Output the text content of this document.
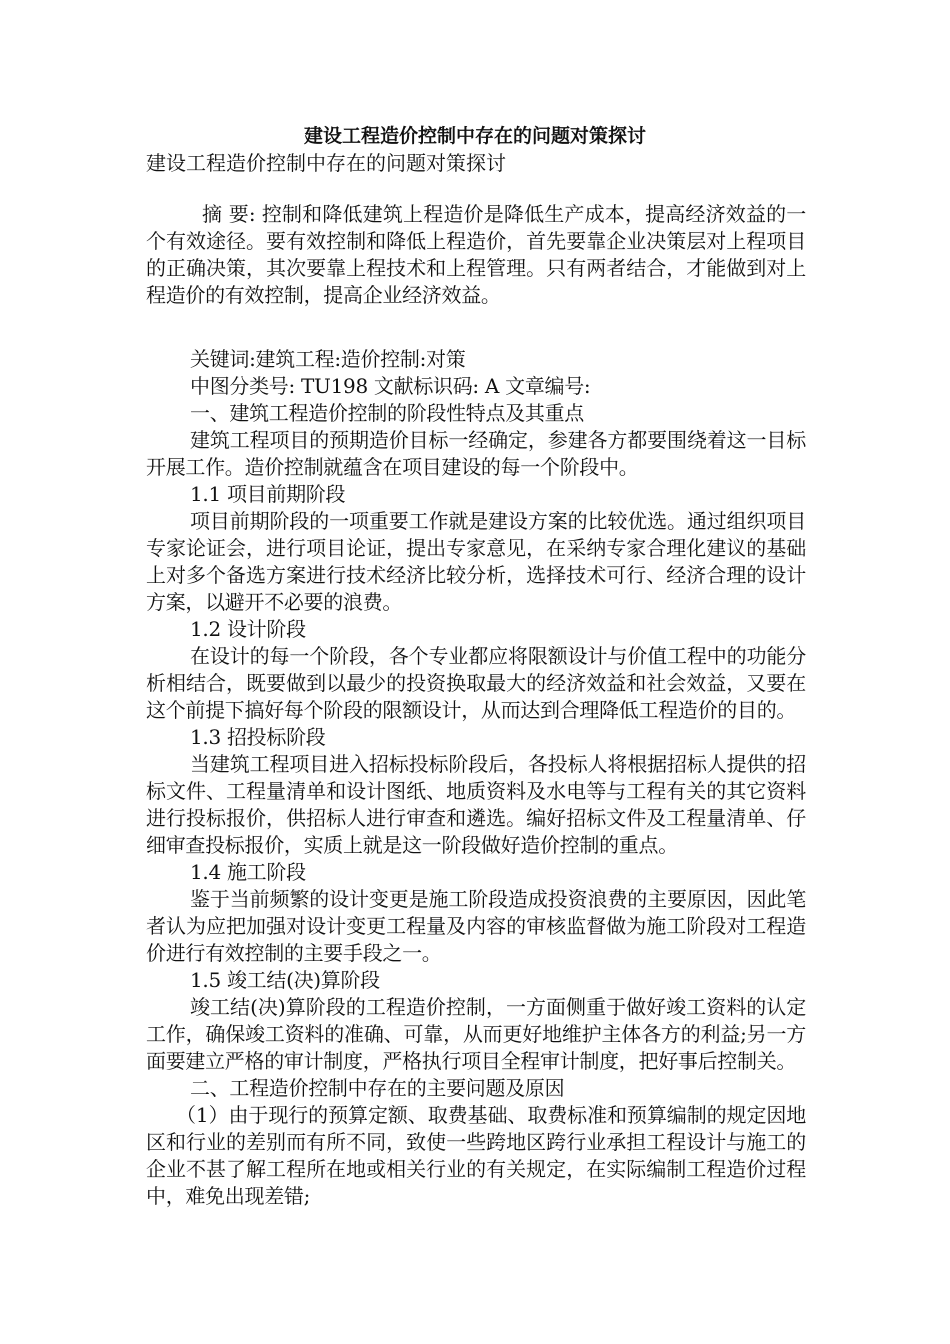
建设工程造价控制中存在的问题对策探讨
建设工程造价控制中存在的问题对策探讨

摘 要: 控制和降低建筑上程造价是降低生产成本，提高经济效益的一个有效途径。要有效控制和降低上程造价，首先要靠企业决策层对上程项目的正确决策，其次要靠上程技术和上程管理。只有两者结合，才能做到对上程造价的有效控制，提高企业经济效益。

关键词:建筑工程:造价控制:对策

中图分类号: TU198 文献标识码: A 文章编号:

一、建筑工程造价控制的阶段性特点及其重点

建筑工程项目的预期造价目标一经确定，参建各方都要围绕着这一目标开展工作。造价控制就蕴含在项目建设的每一个阶段中。

1.1 项目前期阶段

项目前期阶段的一项重要工作就是建设方案的比较优选。通过组织项目专家论证会，进行项目论证，提出专家意见，在采纳专家合理化建议的基础上对多个备选方案进行技术经济比较分析，选择技术可行、经济合理的设计方案，以避开不必要的浪费。

1.2 设计阶段

在设计的每一个阶段，各个专业都应将限额设计与价值工程中的功能分析相结合，既要做到以最少的投资换取最大的经济效益和社会效益，又要在这个前提下搞好每个阶段的限额设计，从而达到合理降低工程造价的目的。

1.3 招投标阶段

当建筑工程项目进入招标投标阶段后，各投标人将根据招标人提供的招标文件、工程量清单和设计图纸、地质资料及水电等与工程有关的其它资料进行投标报价，供招标人进行审查和遴选。编好招标文件及工程量清单、仔细审查投标报价，实质上就是这一阶段做好造价控制的重点。

1.4 施工阶段

鉴于当前频繁的设计变更是施工阶段造成投资浪费的主要原因，因此笔者认为应把加强对设计变更工程量及内容的审核监督做为施工阶段对工程造价进行有效控制的主要手段之一。

1.5 竣工结(决)算阶段

竣工结(决)算阶段的工程造价控制，一方面侧重于做好竣工资料的认定工作，确保竣工资料的准确、可靠，从而更好地维护主体各方的利益;另一方面要建立严格的审计制度，严格执行项目全程审计制度，把好事后控制关。

二、工程造价控制中存在的主要问题及原因

（1）由于现行的预算定额、取费基础、取费标准和预算编制的规定因地区和行业的差别而有所不同，致使一些跨地区跨行业承担工程设计与施工的企业不甚了解工程所在地或相关行业的有关规定，在实际编制工程造价过程中，难免出现差错;
